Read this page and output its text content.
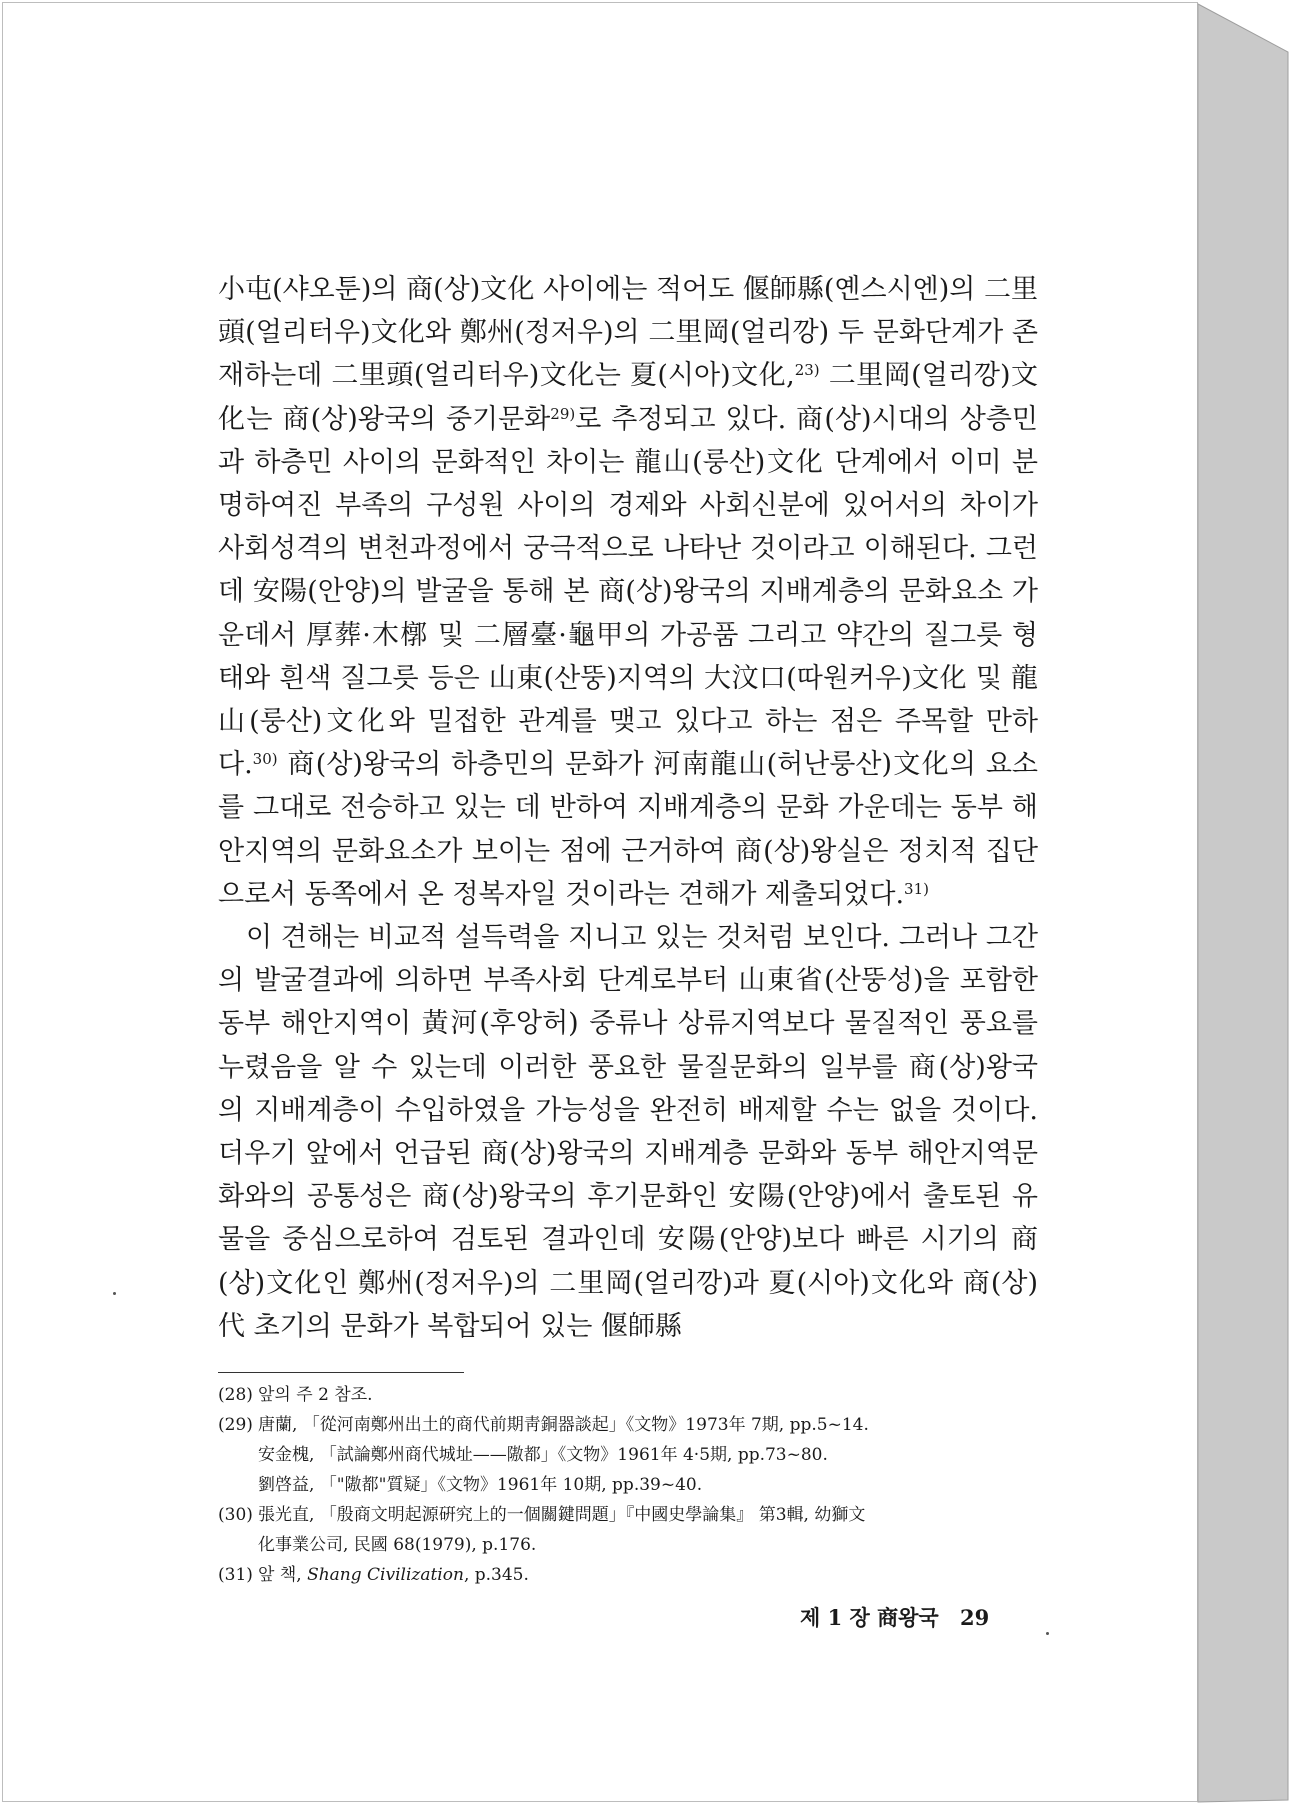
小屯(샤오툰)의 商(상)文化 사이에는 적어도 偃師縣(옌스시엔)의 二里頭(얼리터우)文化와 鄭州(정저우)의 二里岡(얼리깡) 두 문화단계가 존재하는데 二里頭(얼리터우)文化는 夏(시아)文化,$^{23)}$ 二里岡(얼리깡)文化는 商(상)왕국의 중기문화$^{29)}$로 추정되고 있다. 商(상)시대의 상층민과 하층민 사이의 문화적인 차이는 龍山(룽산)文化 단계에서 이미 분명하여진 부족의 구성원 사이의 경제와 사회신분에 있어서의 차이가 사회성격의 변천과정에서 궁극적으로 나타난 것이라고 이해된다. 그런데 安陽(안양)의 발굴을 통해 본 商(상)왕국의 지배계층의 문화요소 가운데서 厚葬·木槨 및 二層臺·龜甲의 가공품 그리고 약간의 질그릇 형태와 흰색 질그릇 등은 山東(산뚱)지역의 大汶口(따원커우)文化 및 龍山(룽산)文化와 밀접한 관계를 맺고 있다고 하는 점은 주목할 만하다.$^{30)}$ 商(상)왕국의 하층민의 문화가 河南龍山(허난룽산)文化의 요소를 그대로 전승하고 있는 데 반하여 지배계층의 문화 가운데는 동부 해안지역의 문화요소가 보이는 점에 근거하여 商(상)왕실은 정치적 집단으로서 동쪽에서 온 정복자일 것이라는 견해가 제출되었다.$^{31)}$

이 견해는 비교적 설득력을 지니고 있는 것처럼 보인다. 그러나 그간의 발굴결과에 의하면 부족사회 단계로부터 山東省(산뚱성)을 포함한 동부 해안지역이 黃河(후앙허) 중류나 상류지역보다 물질적인 풍요를 누렸음을 알 수 있는데 이러한 풍요한 물질문화의 일부를 商(상)왕국의 지배계층이 수입하였을 가능성을 완전히 배제할 수는 없을 것이다. 더우기 앞에서 언급된 商(상)왕국의 지배계층 문화와 동부 해안지역문화와의 공통성은 商(상)왕국의 후기문화인 安陽(안양)에서 출토된 유물을 중심으로하여 검토된 결과인데 安陽(안양)보다 빠른 시기의 商(상)文化인 鄭州(정저우)의 二里岡(얼리깡)과 夏(시아)文化와 商(상)代 초기의 문화가 복합되어 있는 偃師縣

(28) 앞의 주 2 참조.
(29) 唐蘭, 「從河南鄭州出土的商代前期靑銅器談起」《文物》1973年 7期, pp.5~14.
安金槐, 「試論鄭州商代城址——隞都」《文物》1961年 4·5期, pp.73~80.
劉啓益, 「"隞都"質疑」《文物》1961年 10期, pp.39~40.
(30) 張光直, 「殷商文明起源硏究上的一個關鍵問題」『中國史學論集』 第3輯, 幼獅文
化事業公司, 民國 68(1979), p.176.
(31) 앞 책, Shang Civilization, p.345.
제 1 장 商왕국 29
